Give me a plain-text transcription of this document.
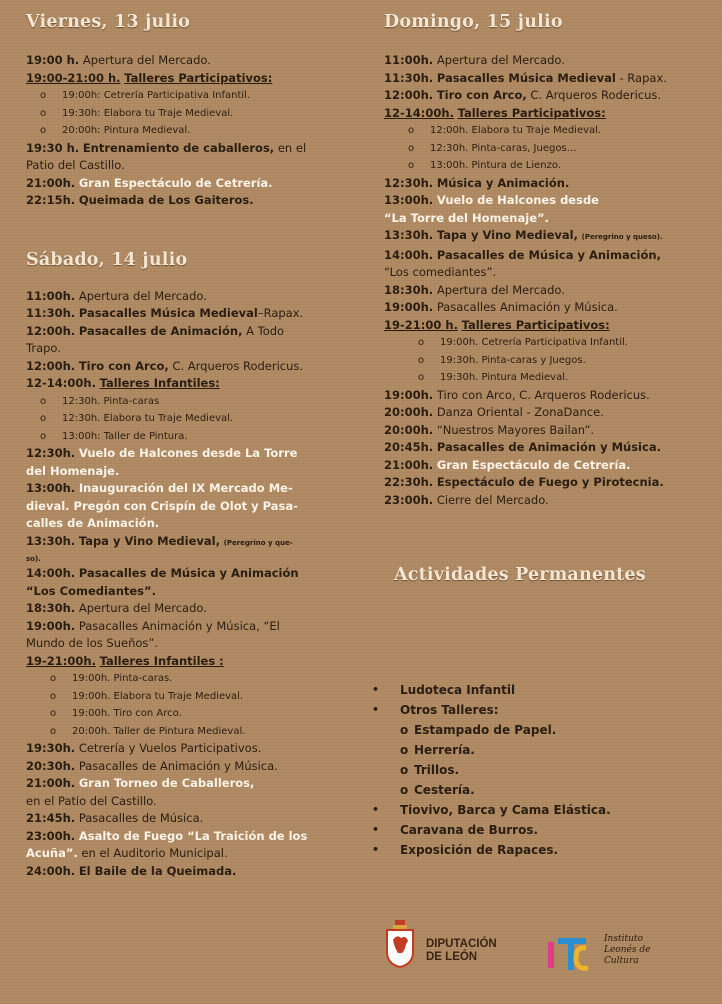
Viernes, 13 julio
19:00 h. Apertura del Mercado.
19:00-21:00 h. Talleres Participativos:
o 19:00h: Cetrería Participativa Infantil.
o 19:30h: Elabora tu Traje Medieval.
o 20:00h: Pintura Medieval.
19:30 h. Entrenamiento de caballeros, en el
Patio del Castillo.
21:00h. Gran Espectáculo de Cetrería.
22:15h. Queimada de Los Gaiteros.
Sábado, 14 julio
11:00h. Apertura del Mercado.
11:30h. Pasacalles Música Medieval–Rapax.
12:00h. Pasacalles de Animación, A Todo
Trapo.
12:00h. Tiro con Arco, C. Arqueros Rodericus.
12-14:00h. Talleres Infantiles:
o 12:30h. Pinta-caras
o 12:30h. Elabora tu Traje Medieval.
o 13:00h: Taller de Pintura.
12:30h. Vuelo de Halcones desde La Torre
del Homenaje.
13:00h. Inauguración del IX Mercado Me-
dieval. Pregón con Crispín de Olot y Pasa-
calles de Animación.
13:30h. Tapa y Vino Medieval, (Peregrino y que-
so).
14:00h. Pasacalles de Música y Animación
“Los Comediantes”.
18:30h. Apertura del Mercado.
19:00h. Pasacalles Animación y Música, “El
Mundo de los Sueños”.
19-21:00h. Talleres Infantiles :
o 19:00h. Pinta-caras.
o 19:00h. Elabora tu Traje Medieval.
o 19:00h. Tiro con Arco.
o 20:00h. Taller de Pintura Medieval.
19:30h. Cetrería y Vuelos Participativos.
20:30h. Pasacalles de Animación y Música.
21:00h. Gran Torneo de Caballeros,
en el Patio del Castillo.
21:45h. Pasacalles de Música.
23:00h. Asalto de Fuego “La Traición de los
Acuña”. en el Auditorio Municipal.
24:00h. El Baile de la Queimada.
Domingo, 15 julio
11:00h. Apertura del Mercado.
11:30h. Pasacalles Música Medieval - Rapax.
12:00h. Tiro con Arco, C. Arqueros Rodericus.
12-14:00h. Talleres Participativos:
o 12:00h. Elabora tu Traje Medieval.
o 12:30h. Pinta-caras, Juegos…
o 13:00h. Pintura de Lienzo.
12:30h. Música y Animación.
13:00h. Vuelo de Halcones desde
“La Torre del Homenaje”.
13:30h. Tapa y Vino Medieval, (Peregrino y queso).
14:00h. Pasacalles de Música y Animación,
“Los comediantes”.
18:30h. Apertura del Mercado.
19:00h. Pasacalles Animación y Música.
19-21:00 h. Talleres Participativos:
o 19:00h. Cetrería Participativa Infantil.
o 19:30h. Pinta-caras y Juegos.
o 19:30h. Pintura Medieval.
19:00h. Tiro con Arco, C. Arqueros Rodericus.
20:00h. Danza Oriental - ZonaDance.
20:00h. “Nuestros Mayores Bailan”.
20:45h. Pasacalles de Animación y Música.
21:00h. Gran Espectáculo de Cetrería.
22:30h. Espectáculo de Fuego y Pirotecnia.
23:00h. Cierre del Mercado.
Actividades Permanentes
• Ludoteca Infantil
• Otros Talleres:
o Estampado de Papel.
o Herrería.
o Trillos.
o Cestería.
• Tiovivo, Barca y Cama Elástica.
• Caravana de Burros.
• Exposición de Rapaces.
DIPUTACIÓN
DE LEÓN	ILC
Instituto
Leonés de
Cultura
